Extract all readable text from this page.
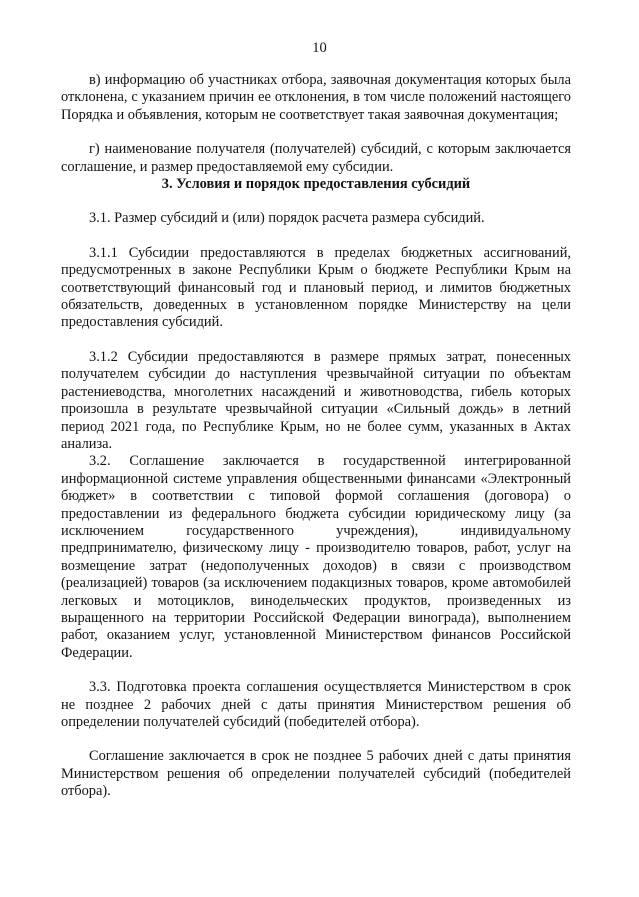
10

в) информацию об участниках отбора, заявочная документация которых была отклонена, с указанием причин ее отклонения, в том числе положений настоящего Порядка и объявления, которым не соответствует такая заявочная документация;

г) наименование получателя (получателей) субсидий, с которым заключается соглашение, и размер предоставляемой ему субсидии.

3. Условия и порядок предоставления субсидий

3.1. Размер субсидий и (или) порядок расчета размера субсидий.

3.1.1 Субсидии предоставляются в пределах бюджетных ассигнований, предусмотренных в законе Республики Крым о бюджете Республики Крым на соответствующий финансовый год и плановый период, и лимитов бюджетных обязательств, доведенных в установленном порядке Министерству на цели предоставления субсидий.

3.1.2 Субсидии предоставляются в размере прямых затрат, понесенных получателем субсидии до наступления чрезвычайной ситуации по объектам растениеводства, многолетних насаждений и животноводства, гибель которых произошла в результате чрезвычайной ситуации «Сильный дождь» в летний период 2021 года, по Республике Крым, но не более сумм, указанных в Актах анализа.

3.2. Соглашение заключается в государственной интегрированной информационной системе управления общественными финансами «Электронный бюджет» в соответствии с типовой формой соглашения (договора) о предоставлении из федерального бюджета субсидии юридическому лицу (за исключением государственного учреждения), индивидуальному предпринимателю, физическому лицу - производителю товаров, работ, услуг на возмещение затрат (недополученных доходов) в связи с производством (реализацией) товаров (за исключением подакцизных товаров, кроме автомобилей легковых и мотоциклов, винодельческих продуктов, произведенных из выращенного на территории Российской Федерации винограда), выполнением работ, оказанием услуг, установленной Министерством финансов Российской Федерации.

3.3. Подготовка проекта соглашения осуществляется Министерством в срок не позднее 2 рабочих дней с даты принятия Министерством решения об определении получателей субсидий (победителей отбора).

Соглашение заключается в срок не позднее 5 рабочих дней с даты принятия Министерством решения об определении получателей субсидий (победителей отбора).
